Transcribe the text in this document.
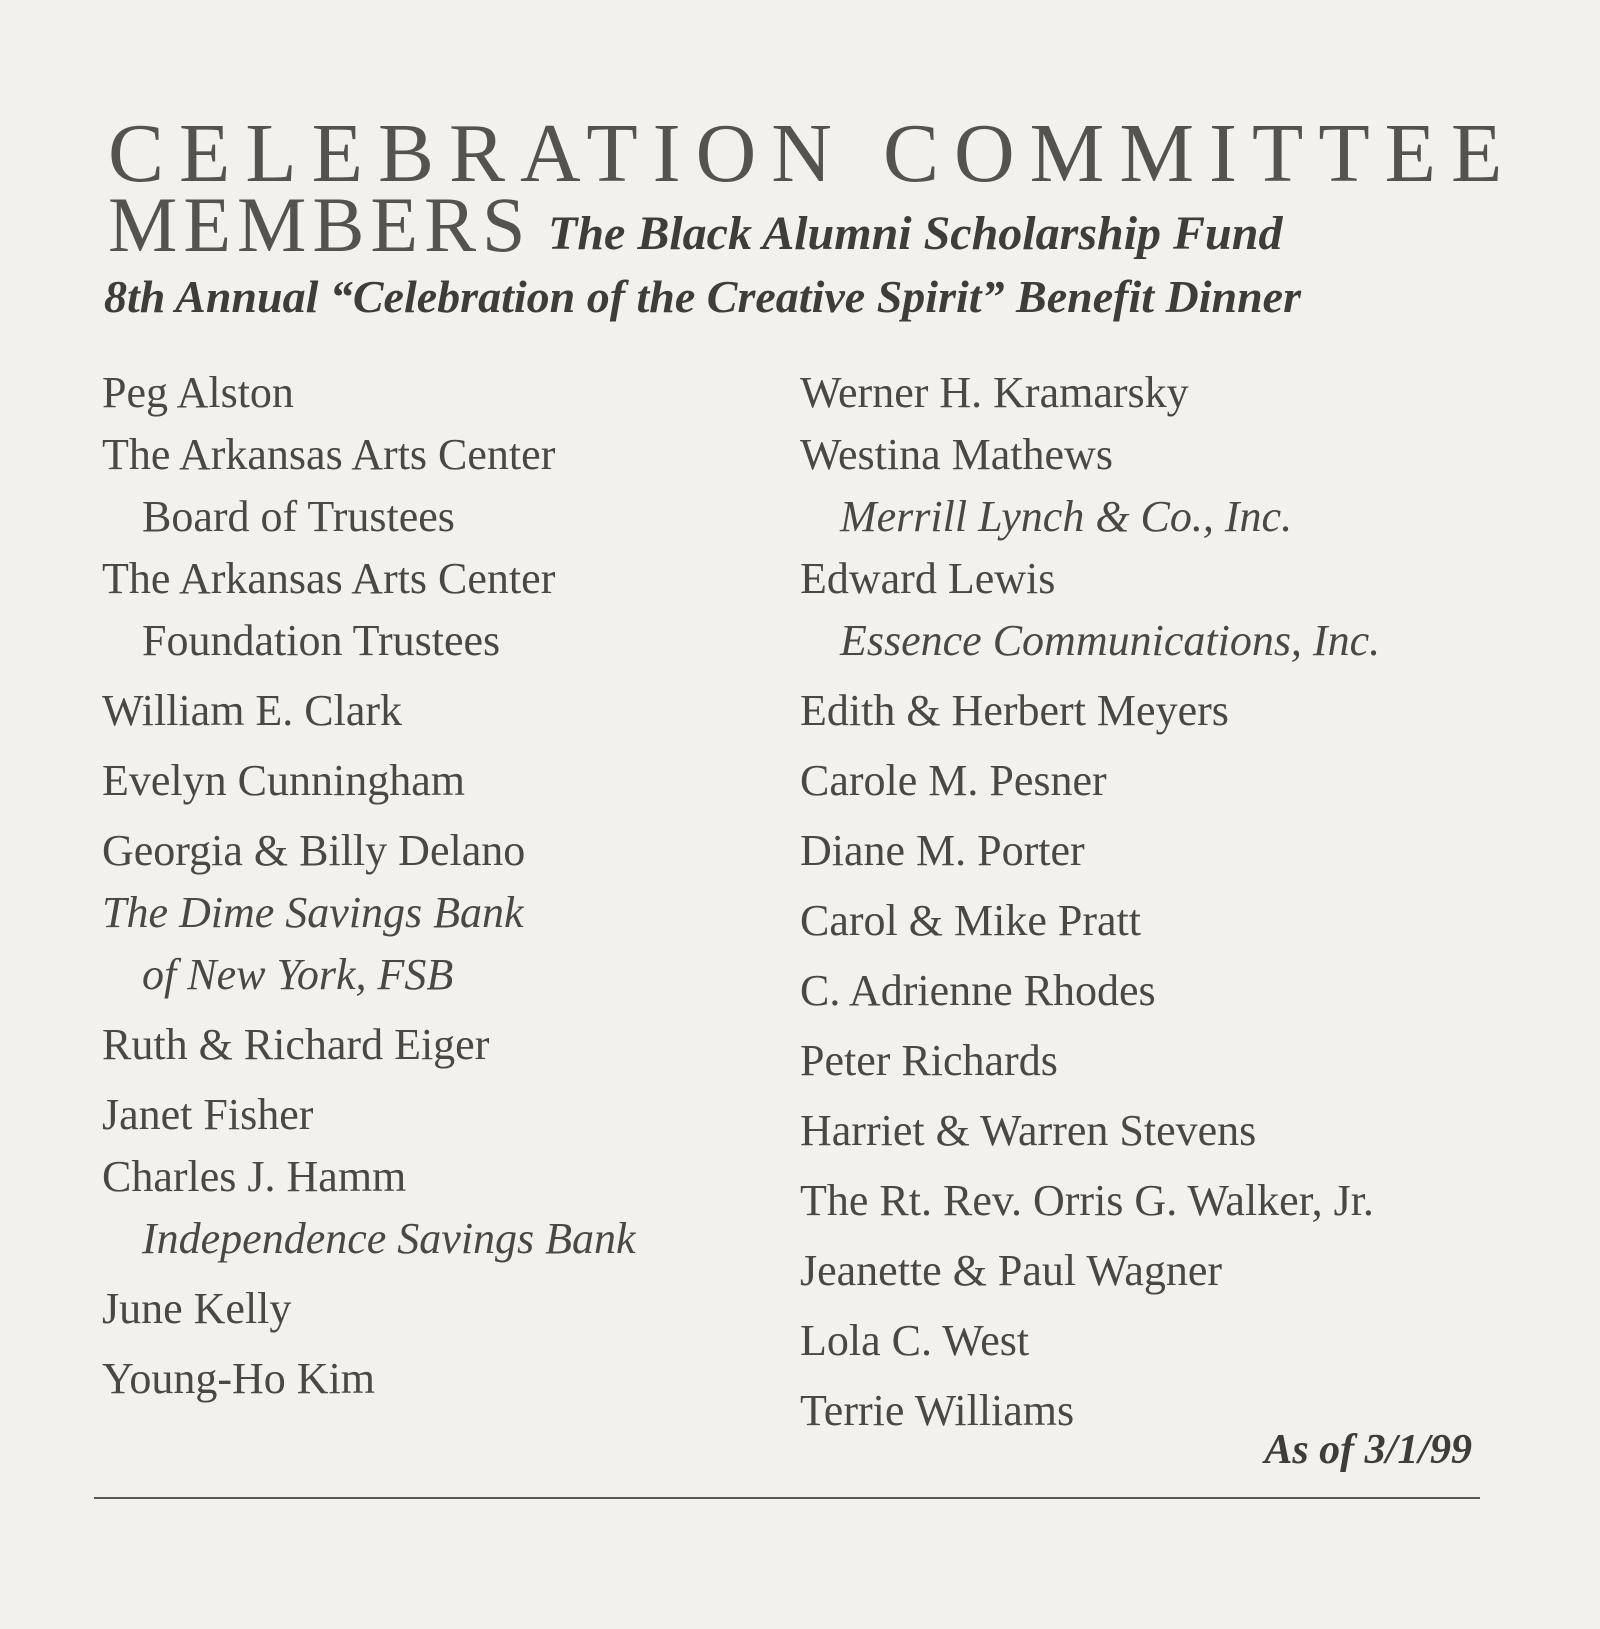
CELEBRATION COMMITTEE
MEMBERS The Black Alumni Scholarship Fund
8th Annual “Celebration of the Creative Spirit” Benefit Dinner
Peg Alston
The Arkansas Arts Center
Board of Trustees
The Arkansas Arts Center
Foundation Trustees
William E. Clark
Evelyn Cunningham
Georgia & Billy Delano
The Dime Savings Bank
of New York, FSB
Ruth & Richard Eiger
Janet Fisher
Charles J. Hamm
Independence Savings Bank
June Kelly
Young-Ho Kim
Werner H. Kramarsky
Westina Mathews
Merrill Lynch & Co., Inc.
Edward Lewis
Essence Communications, Inc.
Edith & Herbert Meyers
Carole M. Pesner
Diane M. Porter
Carol & Mike Pratt
C. Adrienne Rhodes
Peter Richards
Harriet & Warren Stevens
The Rt. Rev. Orris G. Walker, Jr.
Jeanette & Paul Wagner
Lola C. West
Terrie Williams
As of 3/1/99
